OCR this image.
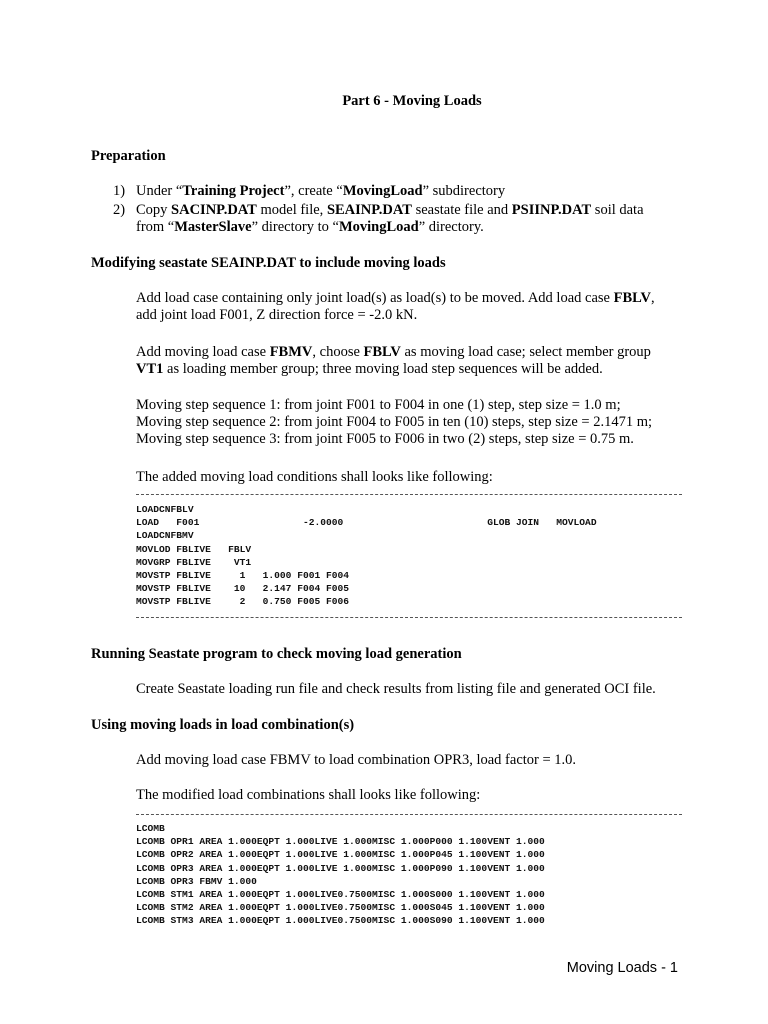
Part 6 - Moving Loads
Preparation
1) Under “Training Project”, create “MovingLoad” subdirectory
2) Copy SACINP.DAT model file, SEAINP.DAT seastate file and PSIINP.DAT soil data
from “MasterSlave” directory to “MovingLoad” directory.
Modifying seastate SEAINP.DAT to include moving loads
Add load case containing only joint load(s) as load(s) to be moved. Add load case FBLV,
add joint load F001, Z direction force = -2.0 kN.
Add moving load case FBMV, choose FBLV as moving load case; select member group
VT1 as loading member group; three moving load step sequences will be added.
Moving step sequence 1: from joint F001 to F004 in one (1) step, step size = 1.0 m;
Moving step sequence 2: from joint F004 to F005 in ten (10) steps, step size = 2.1471 m;
Moving step sequence 3: from joint F005 to F006 in two (2) steps, step size = 0.75 m.
The added moving load conditions shall looks like following:
LOADCNFBLV
LOAD   F001                  -2.0000                         GLOB JOIN   MOVLOAD
LOADCNFBMV
MOVLOD FBLIVE   FBLV
MOVGRP FBLIVE    VT1
MOVSTP FBLIVE     1   1.000 F001 F004
MOVSTP FBLIVE    10   2.147 F004 F005
MOVSTP FBLIVE     2   0.750 F005 F006
Running Seastate program to check moving load generation
Create Seastate loading run file and check results from listing file and generated OCI file.
Using moving loads in load combination(s)
Add moving load case FBMV to load combination OPR3, load factor = 1.0.
The modified load combinations shall looks like following:
LCOMB
LCOMB OPR1 AREA 1.000EQPT 1.000LIVE 1.000MISC 1.000P000 1.100VENT 1.000
LCOMB OPR2 AREA 1.000EQPT 1.000LIVE 1.000MISC 1.000P045 1.100VENT 1.000
LCOMB OPR3 AREA 1.000EQPT 1.000LIVE 1.000MISC 1.000P090 1.100VENT 1.000
LCOMB OPR3 FBMV 1.000
LCOMB STM1 AREA 1.000EQPT 1.000LIVE0.7500MISC 1.000S000 1.100VENT 1.000
LCOMB STM2 AREA 1.000EQPT 1.000LIVE0.7500MISC 1.000S045 1.100VENT 1.000
LCOMB STM3 AREA 1.000EQPT 1.000LIVE0.7500MISC 1.000S090 1.100VENT 1.000
Moving Loads - 1
